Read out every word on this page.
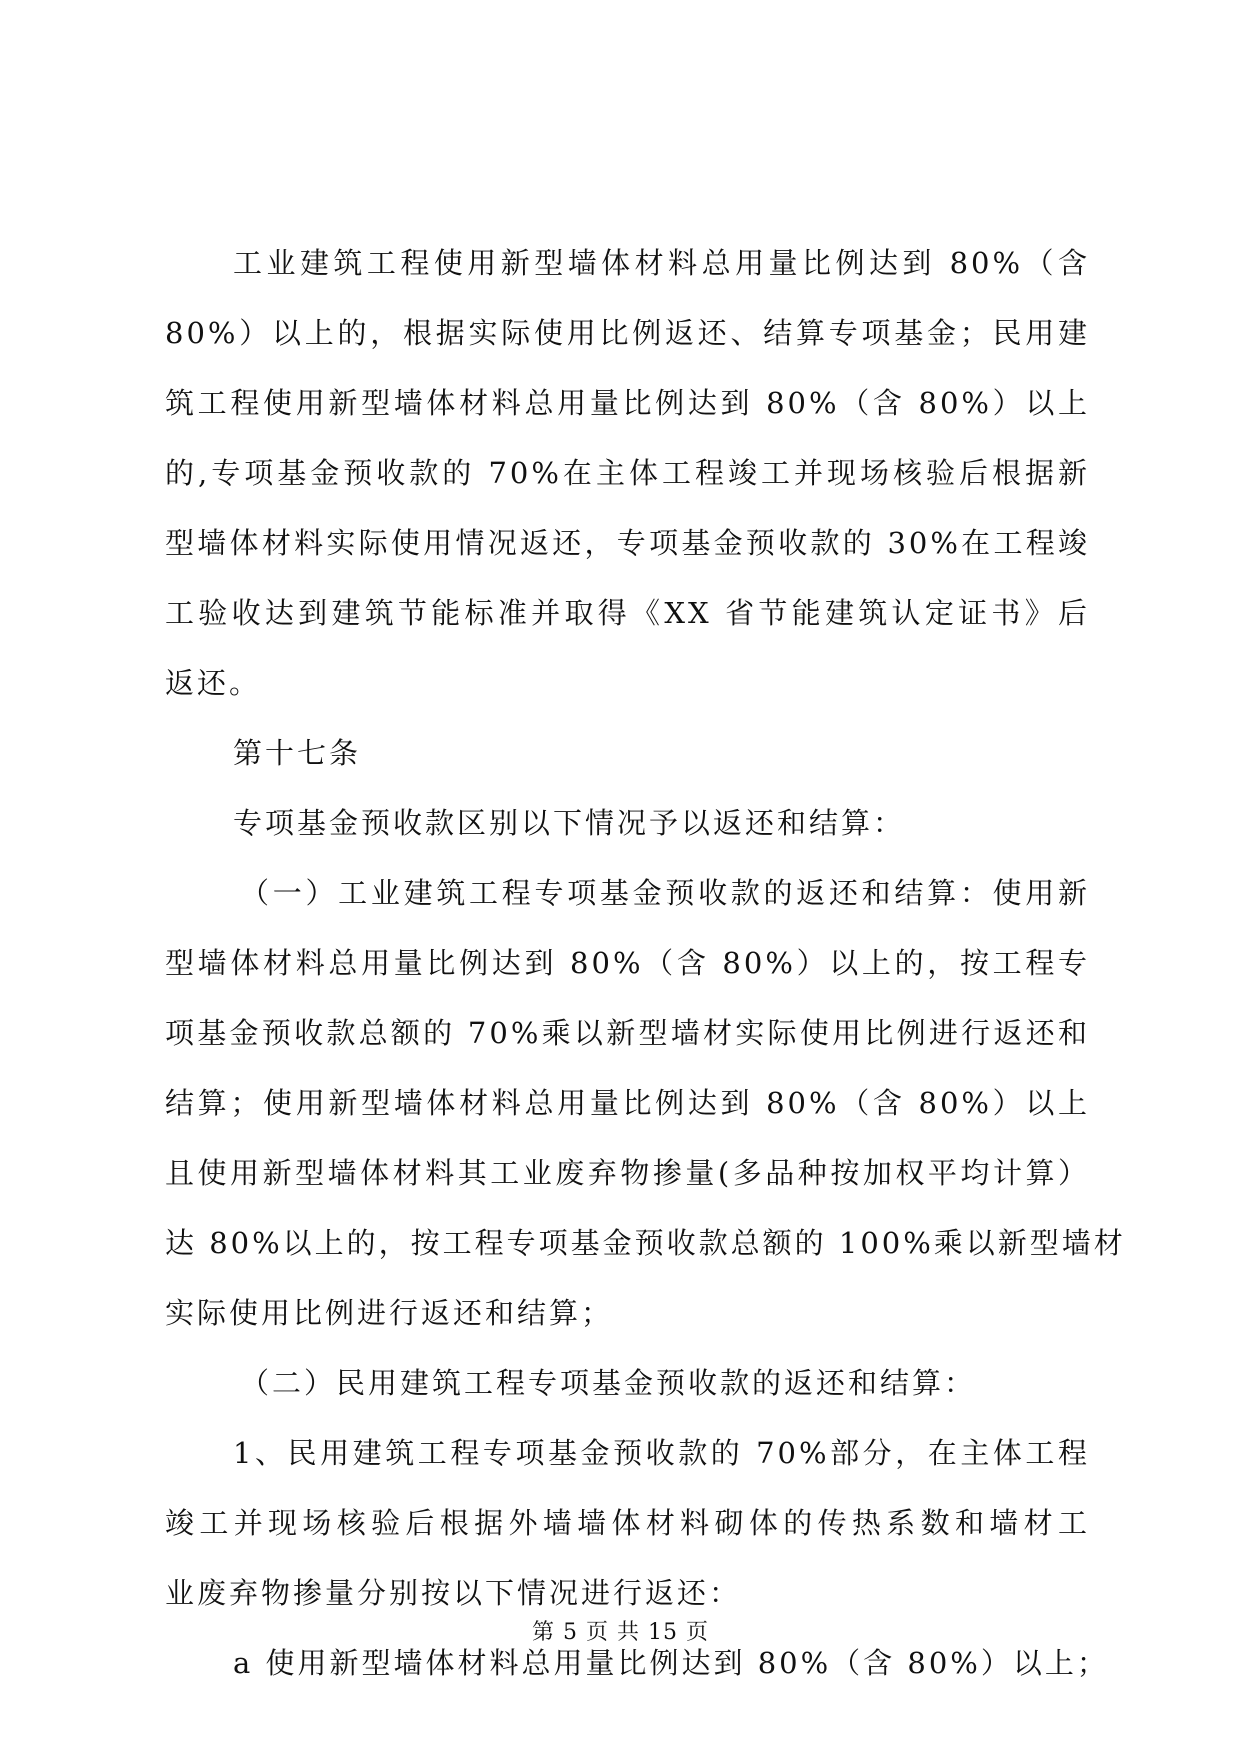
工业建筑工程使用新型墙体材料总用量比例达到 80%（含
80%）以上的，根据实际使用比例返还、结算专项基金；民用建
筑工程使用新型墙体材料总用量比例达到 80%（含 80%）以上
的,专项基金预收款的 70%在主体工程竣工并现场核验后根据新
型墙体材料实际使用情况返还，专项基金预收款的 30%在工程竣
工验收达到建筑节能标准并取得《XX 省节能建筑认定证书》后
返还。
第十七条
专项基金预收款区别以下情况予以返还和结算：
（一）工业建筑工程专项基金预收款的返还和结算：使用新
型墙体材料总用量比例达到 80%（含 80%）以上的，按工程专
项基金预收款总额的 70%乘以新型墙材实际使用比例进行返还和
结算；使用新型墙体材料总用量比例达到 80%（含 80%）以上
且使用新型墙体材料其工业废弃物掺量(多品种按加权平均计算）
达 80%以上的，按工程专项基金预收款总额的 100%乘以新型墙材
实际使用比例进行返还和结算；
（二）民用建筑工程专项基金预收款的返还和结算：
1、民用建筑工程专项基金预收款的 70%部分，在主体工程
竣工并现场核验后根据外墙墙体材料砌体的传热系数和墙材工
业废弃物掺量分别按以下情况进行返还：
a 使用新型墙体材料总用量比例达到 80%（含 80%）以上；
第 5 页 共 15 页
